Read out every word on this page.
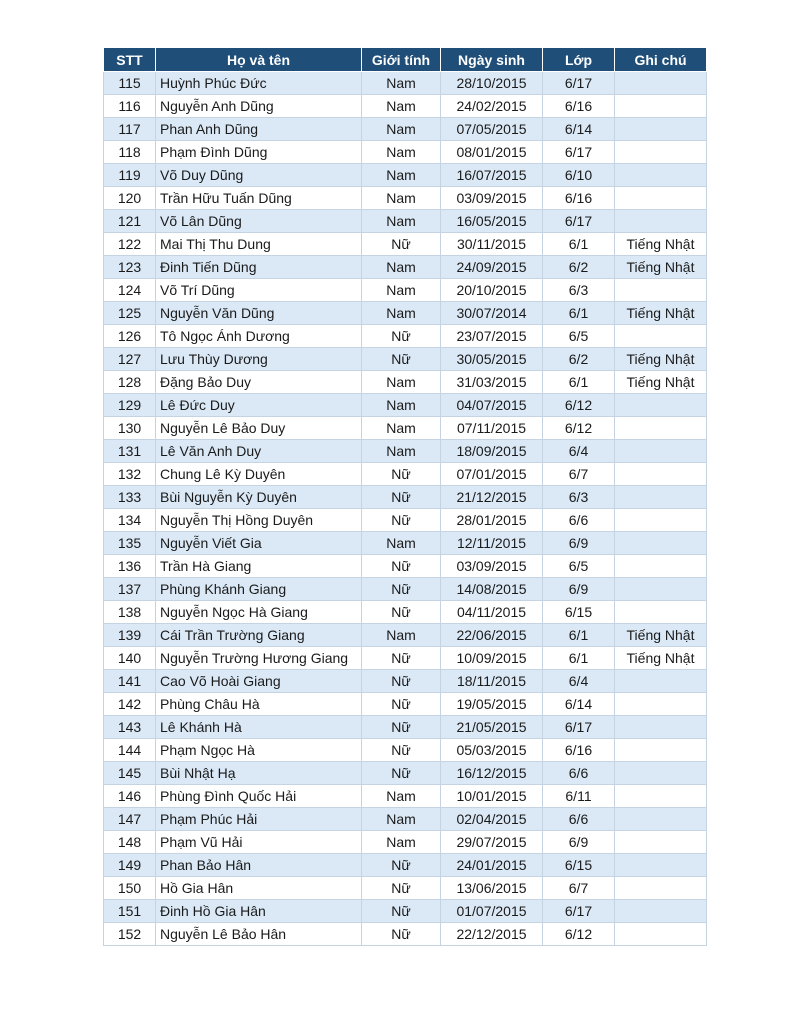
STT	Họ và tên	Giới tính	Ngày sinh	Lớp	Ghi chú
115	Huỳnh Phúc Đức	Nam	28/10/2015	6/17	
116	Nguyễn Anh Dũng	Nam	24/02/2015	6/16	
117	Phan Anh Dũng	Nam	07/05/2015	6/14	
118	Phạm Đình Dũng	Nam	08/01/2015	6/17	
119	Võ Duy Dũng	Nam	16/07/2015	6/10	
120	Trần Hữu Tuấn Dũng	Nam	03/09/2015	6/16	
121	Võ Lân Dũng	Nam	16/05/2015	6/17	
122	Mai Thị Thu Dung	Nữ	30/11/2015	6/1	Tiếng Nhật
123	Đinh Tiến Dũng	Nam	24/09/2015	6/2	Tiếng Nhật
124	Võ Trí Dũng	Nam	20/10/2015	6/3	
125	Nguyễn Văn Dũng	Nam	30/07/2014	6/1	Tiếng Nhật
126	Tô Ngọc Ánh Dương	Nữ	23/07/2015	6/5	
127	Lưu Thùy Dương	Nữ	30/05/2015	6/2	Tiếng Nhật
128	Đặng Bảo Duy	Nam	31/03/2015	6/1	Tiếng Nhật
129	Lê Đức Duy	Nam	04/07/2015	6/12	
130	Nguyễn Lê Bảo Duy	Nam	07/11/2015	6/12	
131	Lê Văn Anh Duy	Nam	18/09/2015	6/4	
132	Chung Lê Kỳ Duyên	Nữ	07/01/2015	6/7	
133	Bùi Nguyễn Kỳ Duyên	Nữ	21/12/2015	6/3	
134	Nguyễn Thị Hồng Duyên	Nữ	28/01/2015	6/6	
135	Nguyễn Viết Gia	Nam	12/11/2015	6/9	
136	Trần Hà Giang	Nữ	03/09/2015	6/5	
137	Phùng Khánh Giang	Nữ	14/08/2015	6/9	
138	Nguyễn Ngọc Hà Giang	Nữ	04/11/2015	6/15	
139	Cái Trần Trường Giang	Nam	22/06/2015	6/1	Tiếng Nhật
140	Nguyễn Trường Hương Giang	Nữ	10/09/2015	6/1	Tiếng Nhật
141	Cao Võ Hoài Giang	Nữ	18/11/2015	6/4	
142	Phùng Châu Hà	Nữ	19/05/2015	6/14	
143	Lê Khánh Hà	Nữ	21/05/2015	6/17	
144	Phạm Ngọc Hà	Nữ	05/03/2015	6/16	
145	Bùi Nhật Hạ	Nữ	16/12/2015	6/6	
146	Phùng Đình Quốc Hải	Nam	10/01/2015	6/11	
147	Phạm Phúc Hải	Nam	02/04/2015	6/6	
148	Phạm Vũ Hải	Nam	29/07/2015	6/9	
149	Phan Bảo Hân	Nữ	24/01/2015	6/15	
150	Hồ Gia Hân	Nữ	13/06/2015	6/7	
151	Đinh Hồ Gia Hân	Nữ	01/07/2015	6/17	
152	Nguyễn Lê Bảo Hân	Nữ	22/12/2015	6/12	
